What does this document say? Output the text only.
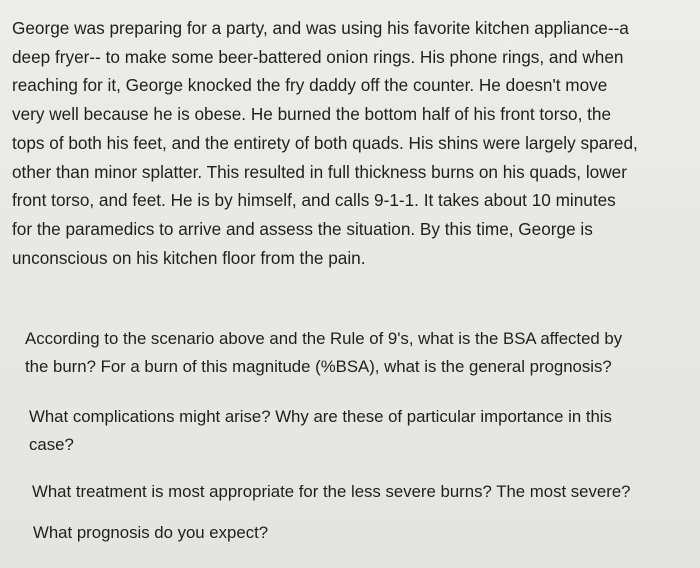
George was preparing for a party, and was using his favorite kitchen appliance--a
deep fryer-- to make some beer-battered onion rings. His phone rings, and when
reaching for it, George knocked the fry daddy off the counter. He doesn't move
very well because he is obese. He burned the bottom half of his front torso, the
tops of both his feet, and the entirety of both quads. His shins were largely spared,
other than minor splatter. This resulted in full thickness burns on his quads, lower
front torso, and feet. He is by himself, and calls 9-1-1. It takes about 10 minutes
for the paramedics to arrive and assess the situation. By this time, George is
unconscious on his kitchen floor from the pain.

According to the scenario above and the Rule of 9's, what is the BSA affected by
the burn? For a burn of this magnitude (%BSA), what is the general prognosis?

What complications might arise? Why are these of particular importance in this
case?

What treatment is most appropriate for the less severe burns? The most severe?

What prognosis do you expect?
